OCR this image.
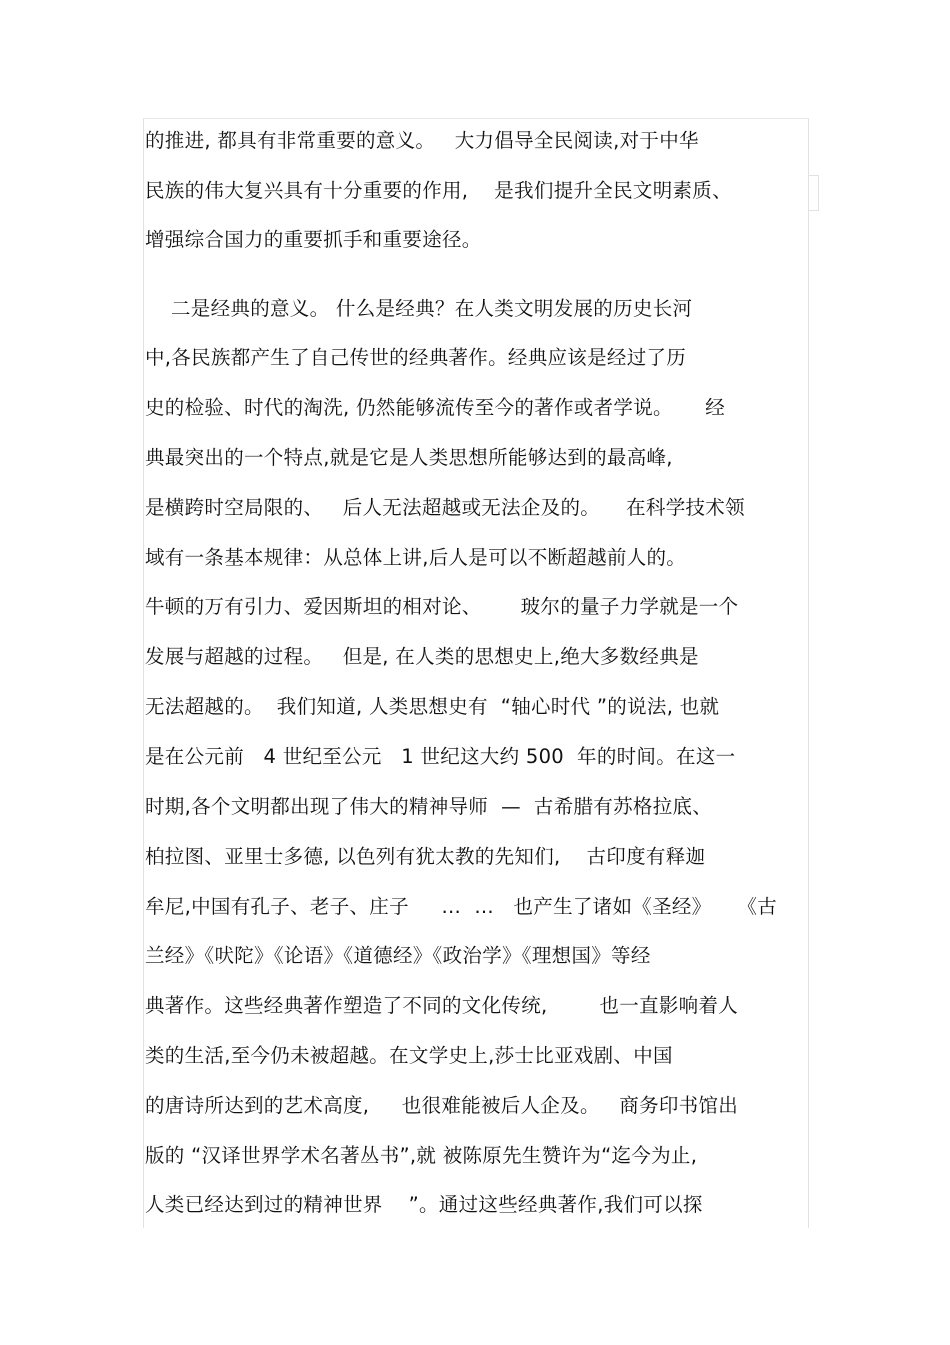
的推进, 都具有非常重要的意义。   大力倡导全民阅读,对于中华
民族的伟大复兴具有十分重要的作用,    是我们提升全民文明素质、
增强综合国力的重要抓手和重要途径。
二是经典的意义。 什么是经典？在人类文明发展的历史长河
中,各民族都产生了自己传世的经典著作。经典应该是经过了历
史的检验、时代的淘洗, 仍然能够流传至今的著作或者学说。     经
典最突出的一个特点,就是它是人类思想所能够达到的最高峰,
是横跨时空局限的、   后人无法超越或无法企及的。    在科学技术领
域有一条基本规律：从总体上讲,后人是可以不断超越前人的。
牛顿的万有引力、爱因斯坦的相对论、      玻尔的量子力学就是一个
发展与超越的过程。   但是, 在人类的思想史上,绝大多数经典是
无法超越的。  我们知道, 人类思想史有  “轴心时代 ”的说法, 也就
是在公元前   4 世纪至公元   1 世纪这大约 500  年的时间。在这一
时期,各个文明都出现了伟大的精神导师  —  古希腊有苏格拉底、
柏拉图、亚里士多德, 以色列有犹太教的先知们,    古印度有释迦
牟尼,中国有孔子、老子、庄子     …  …   也产生了诸如《圣经》    《古
兰经》《吠陀》《论语》《道德经》《政治学》《理想国》等经
典著作。这些经典著作塑造了不同的文化传统,        也一直影响着人
类的生活,至今仍未被超越。在文学史上,莎士比亚戏剧、中国
的唐诗所达到的艺术高度,     也很难能被后人企及。   商务印书馆出
版的 “汉译世界学术名著丛书”,就 被陈原先生赞许为“迄今为止,
人类已经达到过的精神世界    ”。通过这些经典著作,我们可以探
